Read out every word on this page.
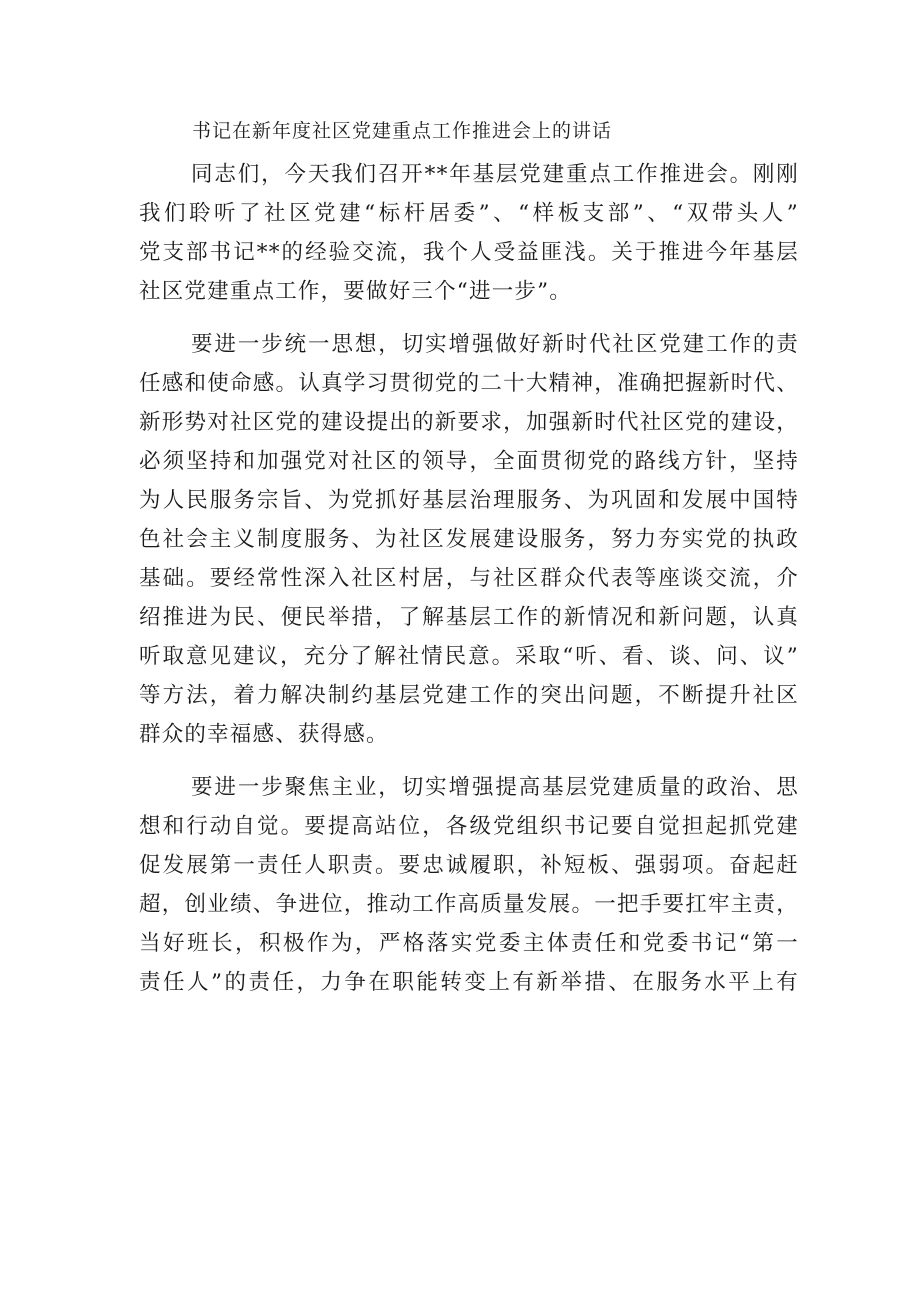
书记在新年度社区党建重点工作推进会上的讲话

同志们，今天我们召开**年基层党建重点工作推进会。刚刚
我们聆听了社区党建“标杆居委”、“样板支部”、“双带头人”
党支部书记**的经验交流，我个人受益匪浅。关于推进今年基层
社区党建重点工作，要做好三个“进一步”。

要进一步统一思想，切实增强做好新时代社区党建工作的责
任感和使命感。认真学习贯彻党的二十大精神，准确把握新时代、
新形势对社区党的建设提出的新要求，加强新时代社区党的建设，
必须坚持和加强党对社区的领导，全面贯彻党的路线方针，坚持
为人民服务宗旨、为党抓好基层治理服务、为巩固和发展中国特
色社会主义制度服务、为社区发展建设服务，努力夯实党的执政
基础。要经常性深入社区村居，与社区群众代表等座谈交流，介
绍推进为民、便民举措，了解基层工作的新情况和新问题，认真
听取意见建议，充分了解社情民意。采取“听、看、谈、问、议”
等方法，着力解决制约基层党建工作的突出问题，不断提升社区
群众的幸福感、获得感。

要进一步聚焦主业，切实增强提高基层党建质量的政治、思
想和行动自觉。要提高站位，各级党组织书记要自觉担起抓党建
促发展第一责任人职责。要忠诚履职，补短板、强弱项。奋起赶
超，创业绩、争进位，推动工作高质量发展。一把手要扛牢主责，
当好班长，积极作为，严格落实党委主体责任和党委书记“第一
责任人”的责任，力争在职能转变上有新举措、在服务水平上有
